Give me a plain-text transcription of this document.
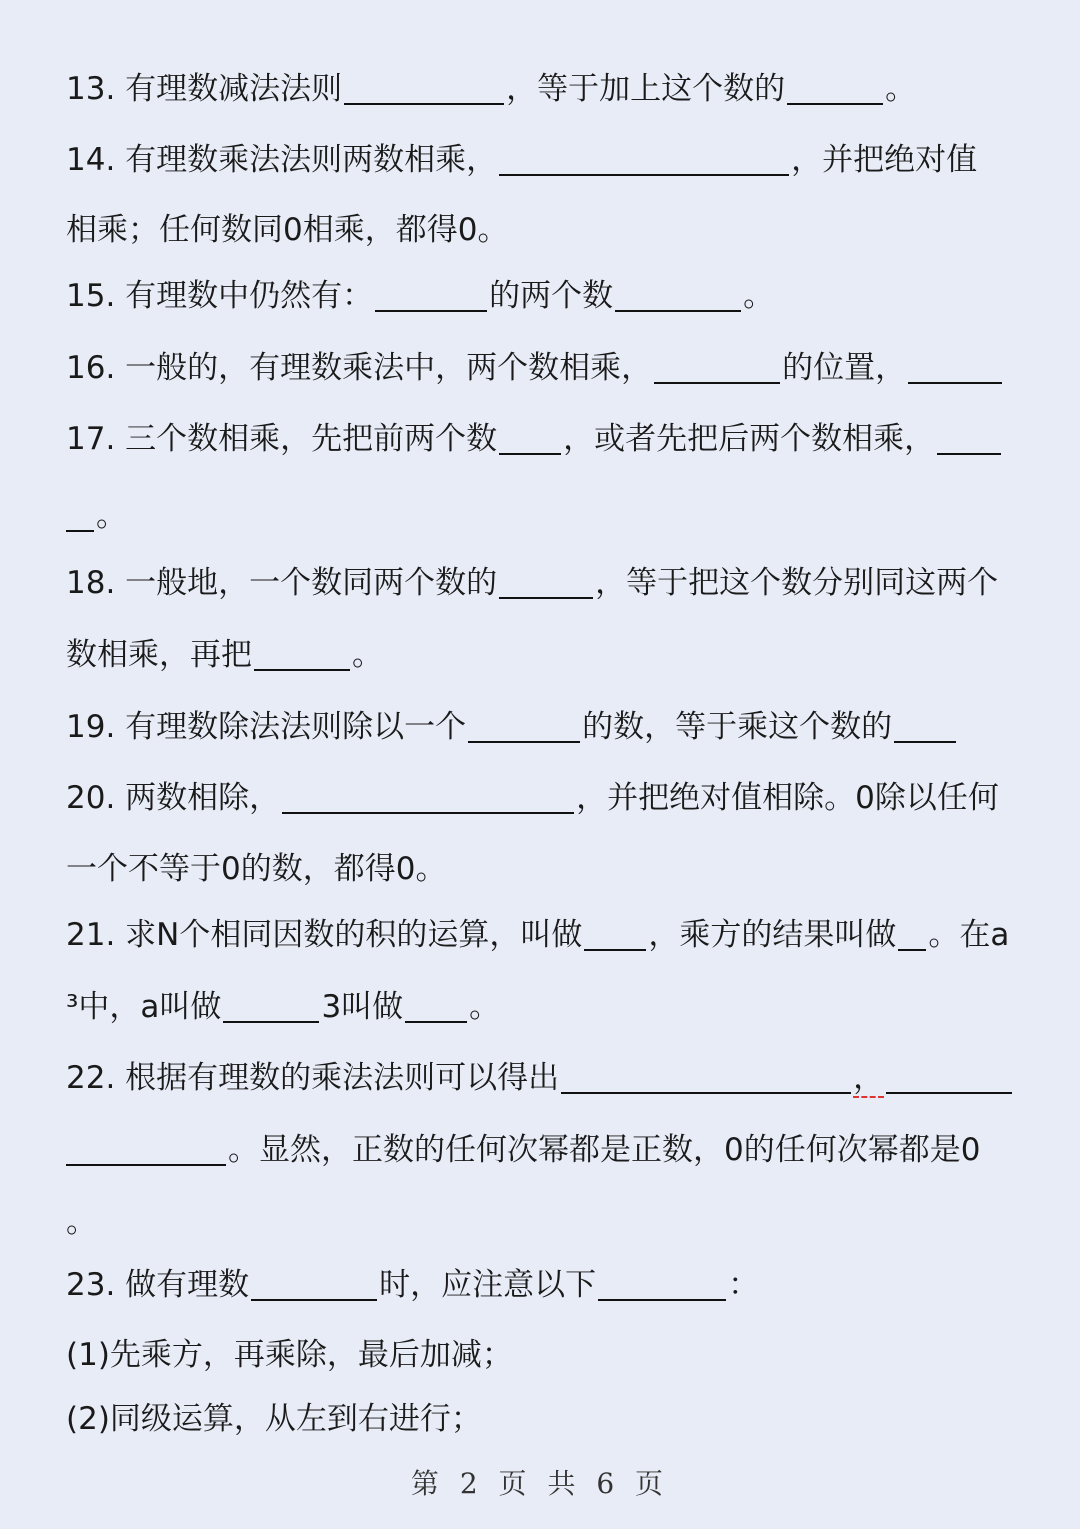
13. 有理数减法法则	，等于加上这个数的	。
14. 有理数乘法法则两数相乘，	，并把绝对值
相乘；任何数同0相乘，都得0。
15. 有理数中仍然有：	的两个数	。
16. 一般的，有理数乘法中，两个数相乘，	的位置，
17. 三个数相乘，先把前两个数 ，或者先把后两个数相乘，
。
18. 一般地，一个数同两个数的	，等于把这个数分别同这两个
数相乘，再把	。
19. 有理数除法法则除以一个	的数，等于乘这个数的
20. 两数相除，	，并把绝对值相除。0除以任何
一个不等于0的数，都得0。
21. 求N个相同因数的积的运算，叫做 ，乘方的结果叫做 。在a
³中，a叫做	3叫做 。
22. 根据有理数的乘法法则可以得出	，
。显然，正数的任何次幂都是正数，0的任何次幂都是0
。
23. 做有理数	时，应注意以下	：
(1)先乘方，再乘除，最后加减；
(2)同级运算，从左到右进行；
第 2 页 共 6 页
